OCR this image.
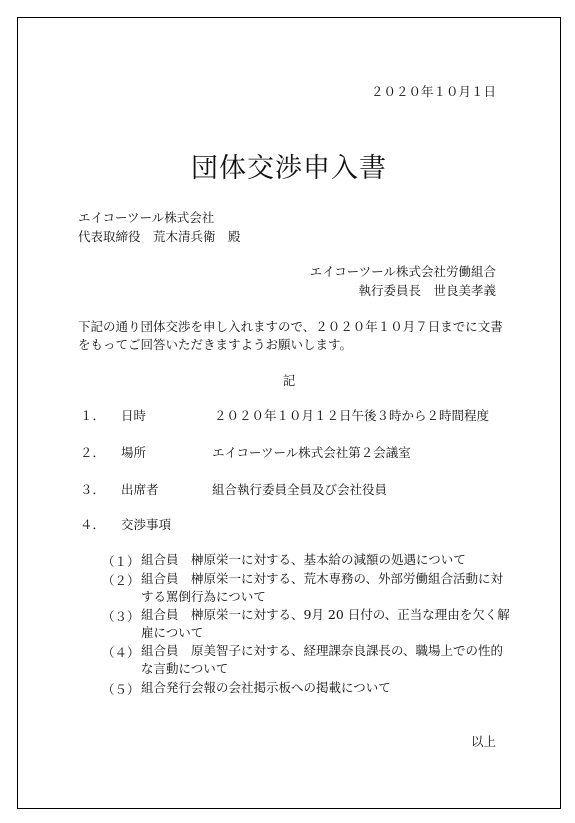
２０２０年１０月１日
団体交渉申入書
エイコーツール株式会社
代表取締役　荒木清兵衛　殿
エイコーツール株式会社労働組合
執行委員長　世良美孝義
下記の通り団体交渉を申し入れますので、２０２０年１０月７日までに文書をもってご回答いただきますようお願いします。
記
１． 日時	２０２０年１０月１２日午後３時から２時間程度
２． 場所	エイコーツール株式会社第２会議室
３． 出席者	組合執行委員全員及び会社役員
４． 交渉事項
（１） 組合員　榊原栄一に対する、基本給の減額の処遇について
（２） 組合員　榊原栄一に対する、荒木専務の、外部労働組合活動に対する罵倒行為について
（３） 組合員　榊原栄一に対する、9月 20 日付の、正当な理由を欠く解雇について
（４） 組合員　原美智子に対する、経理課奈良課長の、職場上での性的な言動について
（５） 組合発行会報の会社掲示板への掲載について
以上
